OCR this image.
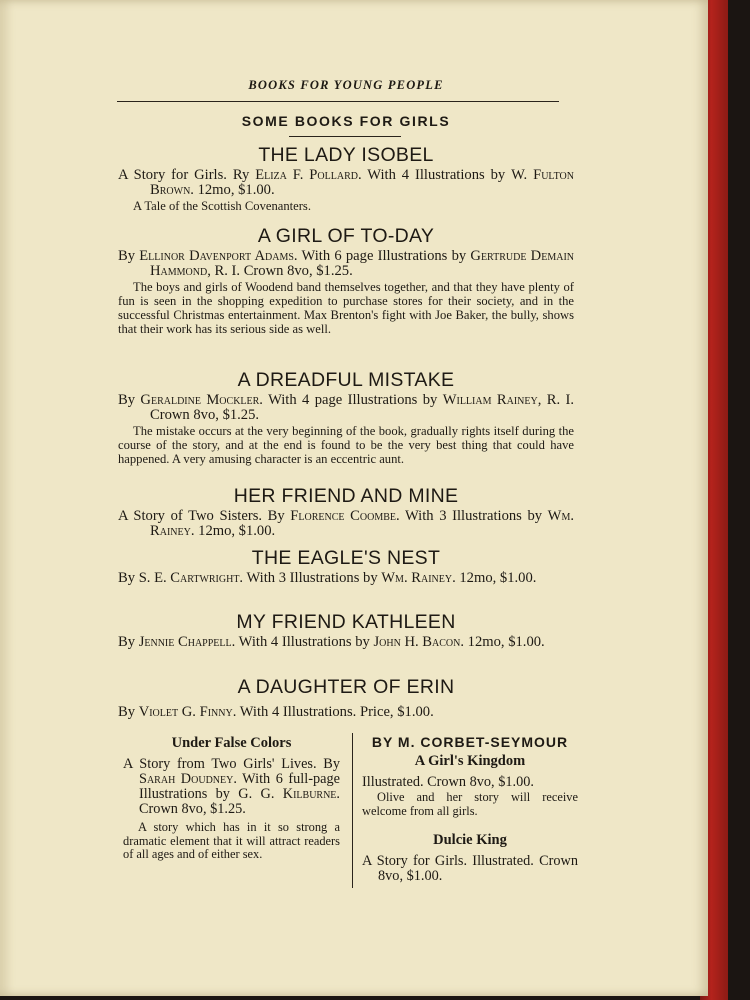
BOOKS FOR YOUNG PEOPLE
SOME BOOKS FOR GIRLS
THE LADY ISOBEL
A Story for Girls. Ry Eliza F. Pollard. With 4 Illustrations by W. Fulton Brown. 12mo, $1.00.
A Tale of the Scottish Covenanters.
A GIRL OF TO-DAY
By Ellinor Davenport Adams. With 6 page Illustrations by Gertrude Demain Hammond, R. I. Crown 8vo, $1.25.
The boys and girls of Woodend band themselves together, and that they have plenty of fun is seen in the shopping expedition to purchase stores for their society, and in the successful Christmas entertainment. Max Brenton's fight with Joe Baker, the bully, shows that their work has its serious side as well.
A DREADFUL MISTAKE
By Geraldine Mockler. With 4 page Illustrations by William Rainey, R. I. Crown 8vo, $1.25.
The mistake occurs at the very beginning of the book, gradually rights itself during the course of the story, and at the end is found to be the very best thing that could have happened. A very amusing character is an eccentric aunt.
HER FRIEND AND MINE
A Story of Two Sisters. By Florence Coombe. With 3 Illustrations by Wm. Rainey. 12mo, $1.00.
THE EAGLE'S NEST
By S. E. Cartwright. With 3 Illustrations by Wm. Rainey. 12mo, $1.00.
MY FRIEND KATHLEEN
By Jennie Chappell. With 4 Illustrations by John H. Bacon. 12mo, $1.00.
A DAUGHTER OF ERIN
By Violet G. Finny. With 4 Illustrations. Price, $1.00.
Under False Colors
A Story from Two Girls' Lives. By Sarah Doudney. With 6 full-page Illustrations by G. G. Kilburne. Crown 8vo, $1.25.
A story which has in it so strong a dramatic element that it will attract readers of all ages and of either sex.
BY M. CORBET-SEYMOUR
A Girl's Kingdom
Illustrated. Crown 8vo, $1.00.
Olive and her story will receive welcome from all girls.
Dulcie King
A Story for Girls. Illustrated. Crown 8vo, $1.00.
